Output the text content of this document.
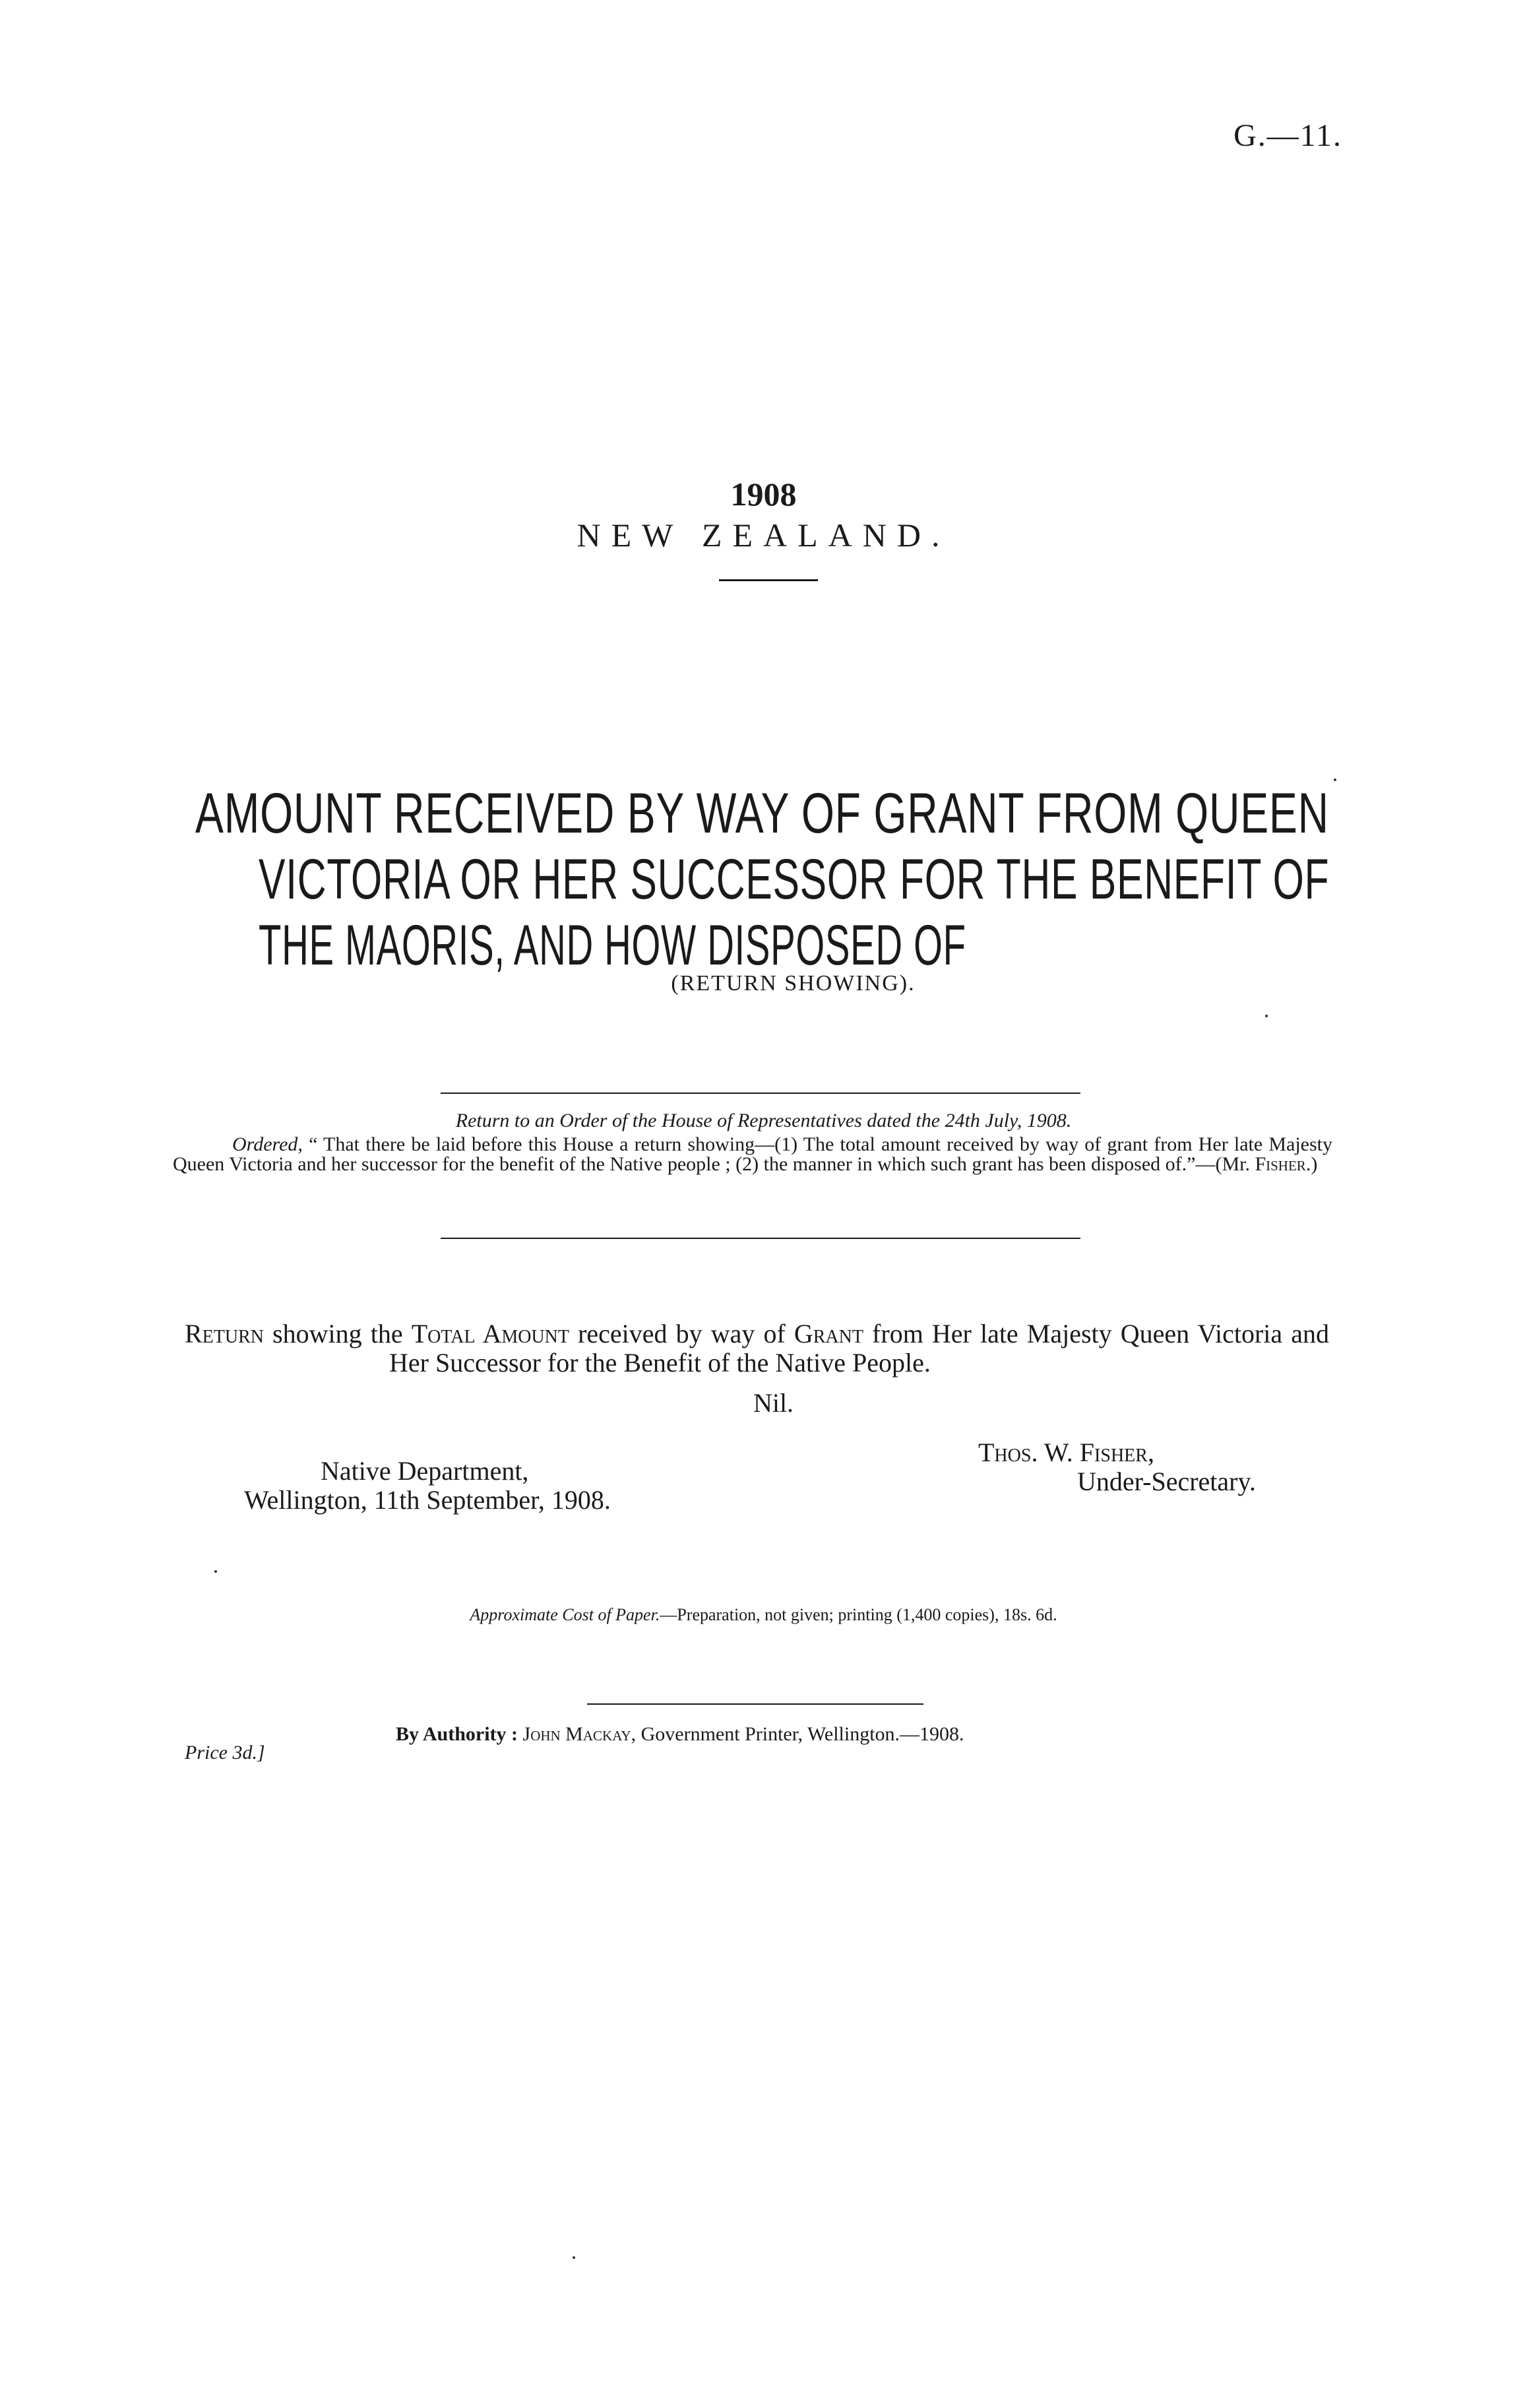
G.—11.
1908
NEW ZEALAND.
AMOUNT RECEIVED BY WAY OF GRANT FROM QUEEN
VICTORIA OR HER SUCCESSOR FOR THE BENEFIT OF
THE MAORIS, AND HOW DISPOSED OF
(RETURN SHOWING).
Return to an Order of the House of Representatives dated the 24th July, 1908.
Ordered, “ That there be laid before this House a return showing—(1) The total amount received by way of grant from Her late Majesty Queen Victoria and her successor for the benefit of the Native people ; (2) the manner in which such grant has been disposed of.”—(Mr. Fisher.)
Return showing the Total Amount received by way of Grant from Her late Majesty Queen Victoria and Her Successor for the Benefit of the Native People.
Nil.
Native Department,
Wellington, 11th September, 1908.
Thos. W. Fisher,
Under-Secretary.
Approximate Cost of Paper.—Preparation, not given; printing (1,400 copies), 18s. 6d.
By Authority : John Mackay, Government Printer, Wellington.—1908.
Price 3d.]
